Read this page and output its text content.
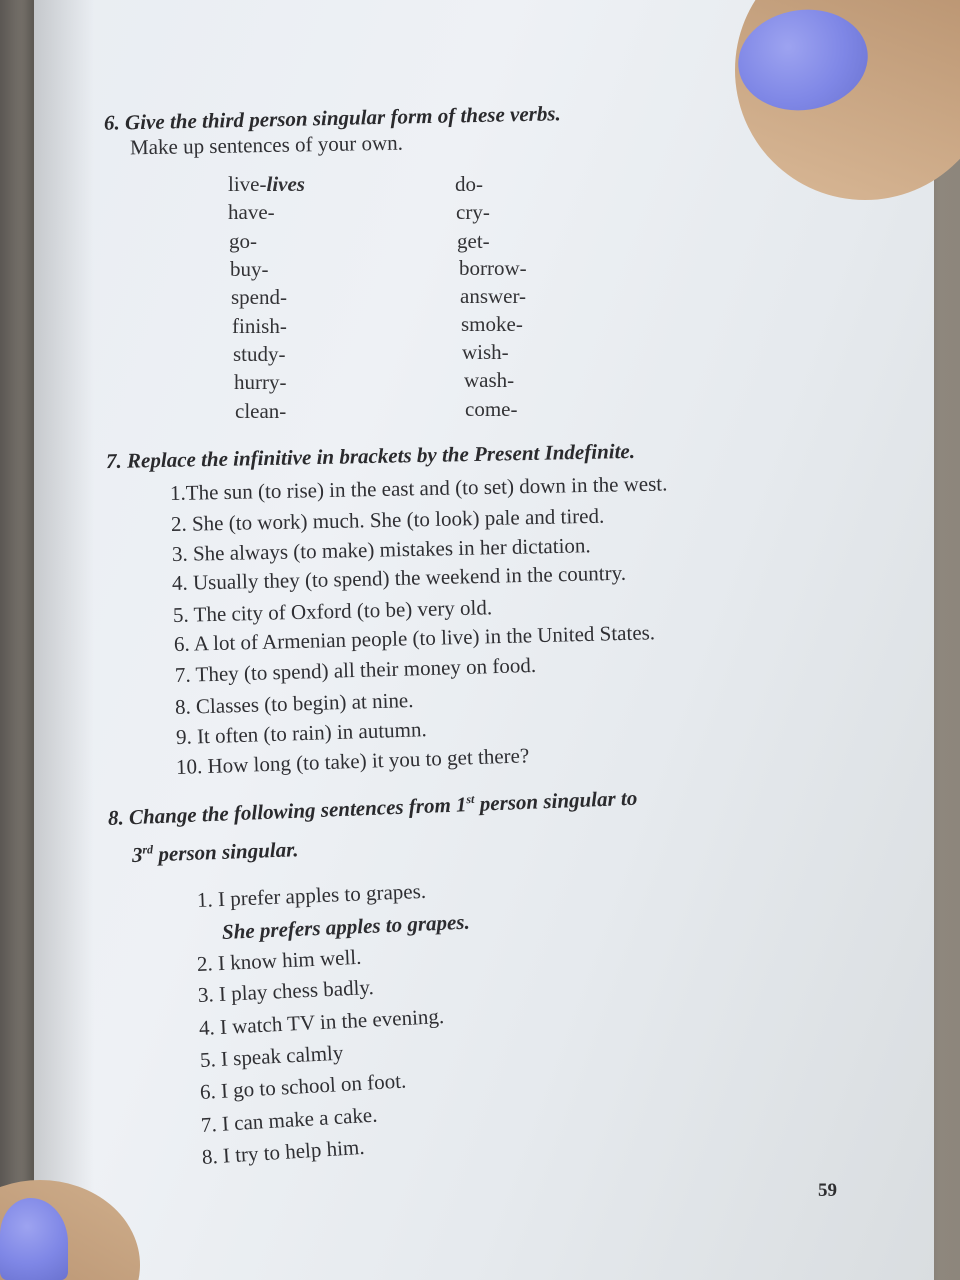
6. Give the third person singular form of these verbs.

Make up sentences of your own.

live-lives

have-

go-

buy-

spend-

finish-

study-

hurry-

clean-

do-

cry-

get-

borrow-

answer-

smoke-

wish-

wash-

come-

7. Replace the infinitive in brackets by the Present Indefinite.

1.The sun (to rise) in the east and (to set) down in the west.

2. She (to work) much. She (to look) pale and tired.

3. She always (to make) mistakes in her dictation.

4. Usually they (to spend) the weekend in the country.

5. The city of Oxford (to be) very old.

6. A lot of Armenian people (to live) in the United States.

7. They (to spend) all their money on food.

8. Classes (to begin) at nine.

9. It often (to rain) in autumn.

10. How long (to take) it you to get there?

8. Change the following sentences from 1st person singular to

3rd person singular.

1. I prefer apples to grapes.

She prefers apples to grapes.

2. I know him well.

3. I play chess badly.

4. I watch TV in the evening.

5. I speak calmly

6. I go to school on foot.

7. I can make a cake.

8. I try to help him.

59
